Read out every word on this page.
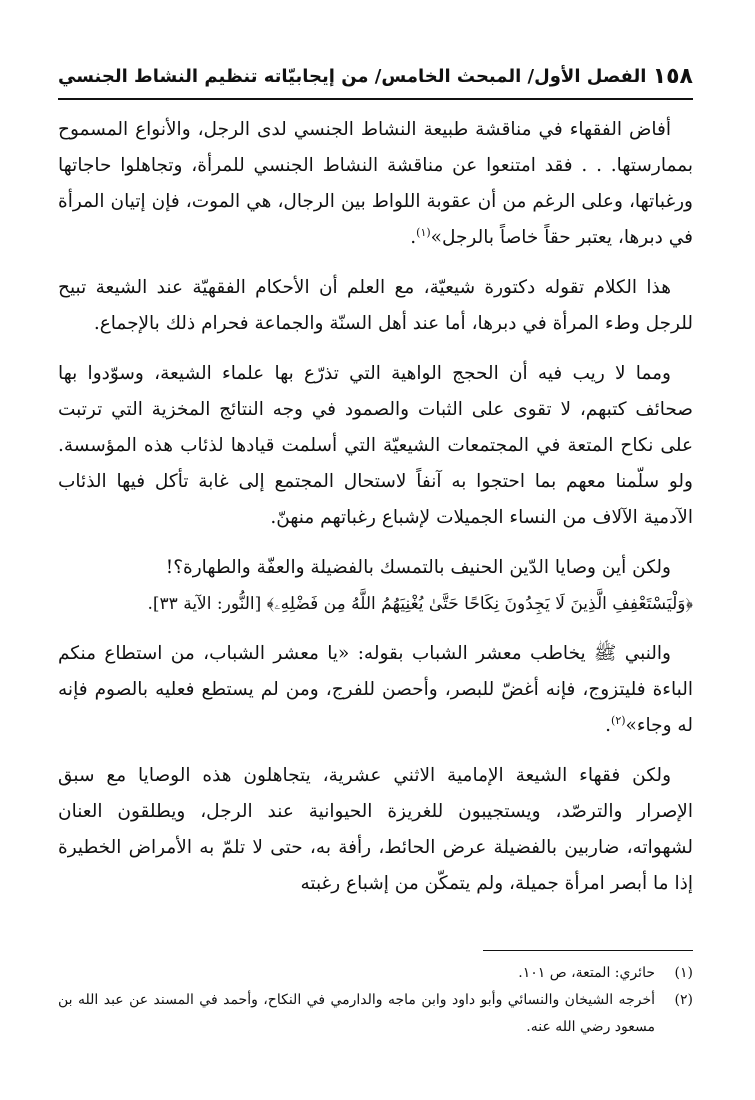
١٥٨
الفصل الأول/ المبحث الخامس/ من إيجابيّاته تنظيم النشاط الجنسي

أفاض الفقهاء في مناقشة طبيعة النشاط الجنسي لدى الرجل، والأنواع المسموح بممارستها. . . فقد امتنعوا عن مناقشة النشاط الجنسي للمرأة، وتجاهلوا حاجاتها ورغباتها، وعلى الرغم من أن عقوبة اللواط بين الرجال، هي الموت، فإن إتيان المرأة في دبرها، يعتبر حقاً خاصاً بالرجل»$^{(١)}$.

هذا الكلام تقوله دكتورة شيعيّة، مع العلم أن الأحكام الفقهيّة عند الشيعة تبيح للرجل وطء المرأة في دبرها، أما عند أهل السنّة والجماعة فحرام ذلك بالإجماع.

ومما لا ريب فيه أن الحجج الواهية التي تذرّع بها علماء الشيعة، وسوّدوا بها صحائف كتبهم، لا تقوى على الثبات والصمود في وجه النتائج المخزية التي ترتبت على نكاح المتعة في المجتمعات الشيعيّة التي أسلمت قيادها لذئاب هذه المؤسسة. ولو سلّمنا معهم بما احتجوا به آنفاً لاستحال المجتمع إلى غابة تأكل فيها الذئاب الآدمية الآلاف من النساء الجميلات لإشباع رغباتهم منهنّ.

ولكن أين وصايا الدّين الحنيف بالتمسك بالفضيلة والعفّة والطهارة؟!

﴿وَلْيَسْتَعْفِفِ الَّذِينَ لَا يَجِدُونَ نِكَاحًا حَتَّىٰ يُغْنِيَهُمُ اللَّهُ مِن فَضْلِهِۦ﴾ [النُّور: الآية ٣٣].

والنبي ﷺ يخاطب معشر الشباب بقوله: «يا معشر الشباب، من استطاع منكم الباءة فليتزوج، فإنه أغضّ للبصر، وأحصن للفرج، ومن لم يستطع فعليه بالصوم فإنه له وجاء»$^{(٢)}$.

ولكن فقهاء الشيعة الإمامية الاثني عشرية، يتجاهلون هذه الوصايا مع سبق الإصرار والترصّد، ويستجيبون للغريزة الحيوانية عند الرجل، ويطلقون العنان لشهواته، ضاربين بالفضيلة عرض الحائط، رأفة به، حتى لا تلمّ به الأمراض الخطيرة إذا ما أبصر امرأة جميلة، ولم يتمكّن من إشباع رغبته

(١)
حائري: المتعة، ص ١٠١.
(٢)
أخرجه الشيخان والنسائي وأبو داود وابن ماجه والدارمي في النكاح، وأحمد في المسند عن عبد الله بن مسعود رضي الله عنه.
